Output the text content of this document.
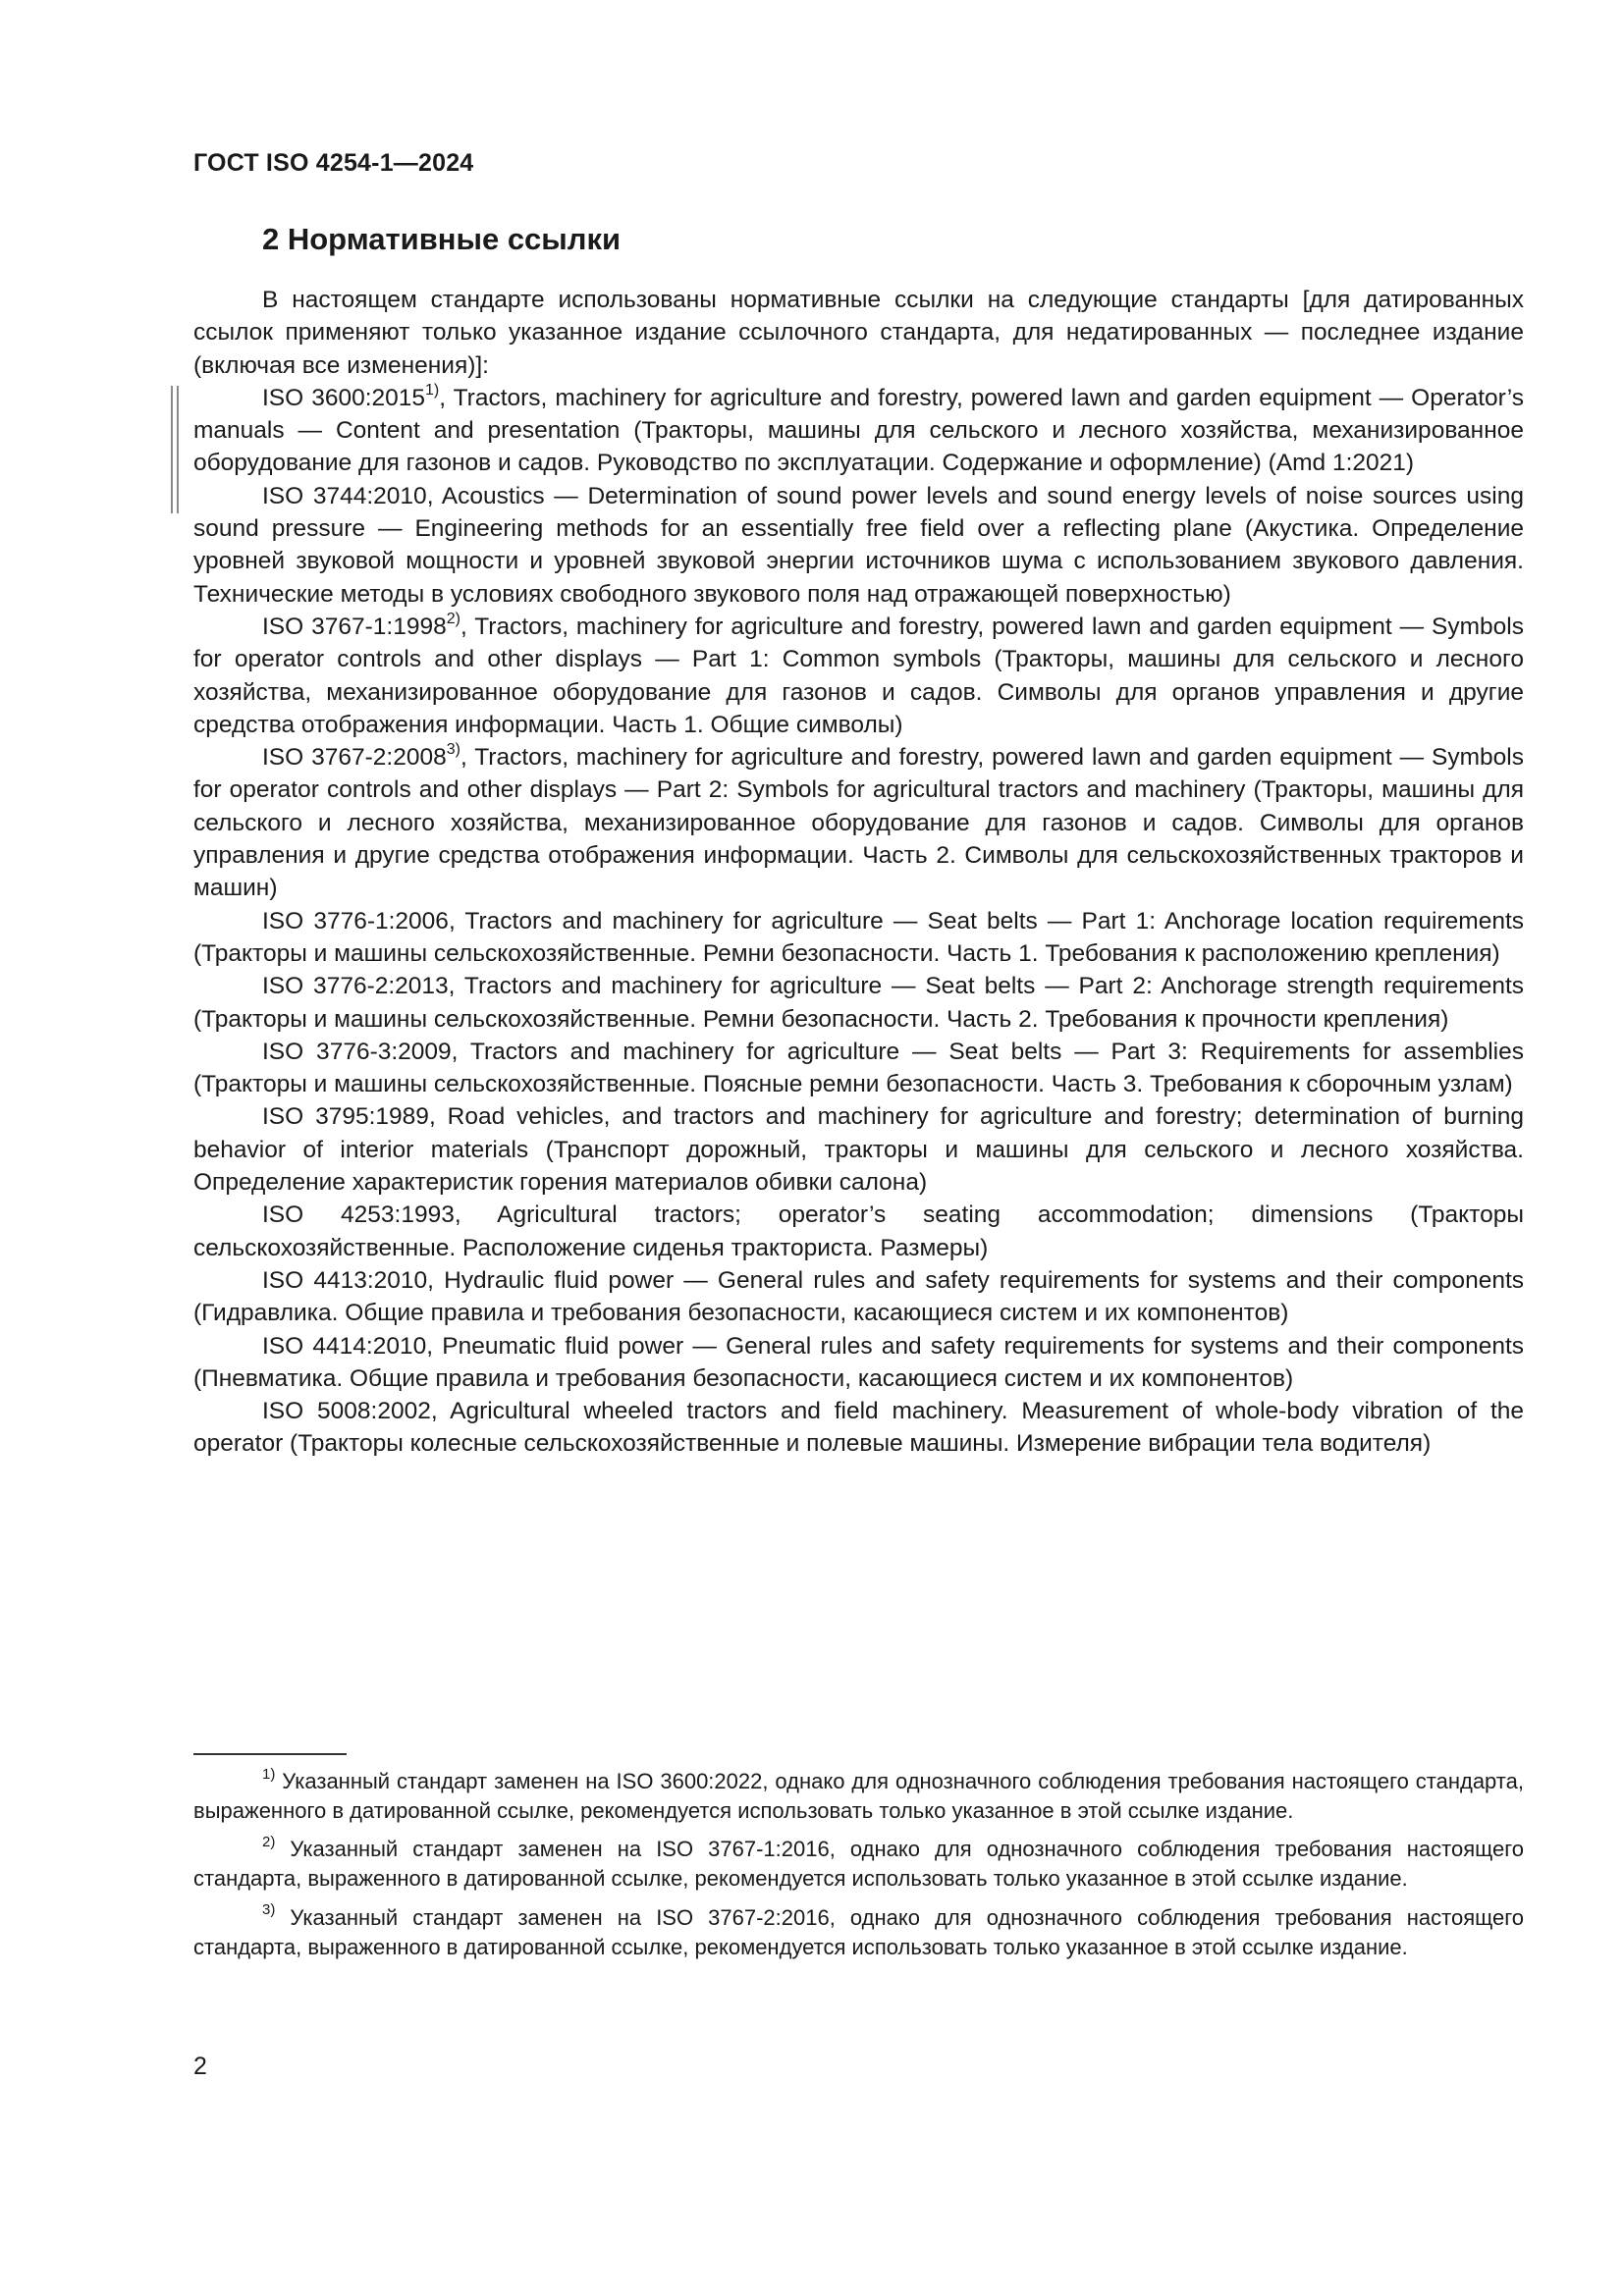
ГОСТ ISO 4254-1—2024
2 Нормативные ссылки

В настоящем стандарте использованы нормативные ссылки на следующие стандарты [для датированных ссылок применяют только указанное издание ссылочного стандарта, для недатированных — последнее издание (включая все изменения)]:

ISO 3600:2015$^{1)}$, Tractors, machinery for agriculture and forestry, powered lawn and garden equipment — Operator’s manuals — Content and presentation (Тракторы, машины для сельского и лесного хозяйства, механизированное оборудование для газонов и садов. Руководство по эксплуатации. Содержание и оформление) (Amd 1:2021)

ISO 3744:2010, Acoustics — Determination of sound power levels and sound energy levels of noise sources using sound pressure — Engineering methods for an essentially free field over a reflecting plane (Акустика. Определение уровней звуковой мощности и уровней звуковой энергии источников шума с использованием звукового давления. Технические методы в условиях свободного звукового поля над отражающей поверхностью)

ISO 3767-1:1998$^{2)}$, Tractors, machinery for agriculture and forestry, powered lawn and garden equipment — Symbols for operator controls and other displays — Part 1: Common symbols (Тракторы, машины для сельского и лесного хозяйства, механизированное оборудование для газонов и садов. Символы для органов управления и другие средства отображения информации. Часть 1. Общие символы)

ISO 3767-2:2008$^{3)}$, Tractors, machinery for agriculture and forestry, powered lawn and garden equipment — Symbols for operator controls and other displays — Part 2: Symbols for agricultural tractors and machinery (Тракторы, машины для сельского и лесного хозяйства, механизированное оборудование для газонов и садов. Символы для органов управления и другие средства отображения информации. Часть 2. Символы для сельскохозяйственных тракторов и машин)

ISO 3776-1:2006, Tractors and machinery for agriculture — Seat belts — Part 1: Anchorage location requirements (Тракторы и машины сельскохозяйственные. Ремни безопасности. Часть 1. Требования к расположению крепления)

ISO 3776-2:2013, Tractors and machinery for agriculture — Seat belts — Part 2: Anchorage strength requirements (Тракторы и машины сельскохозяйственные. Ремни безопасности. Часть 2. Требования к прочности крепления)

ISO 3776-3:2009, Tractors and machinery for agriculture — Seat belts — Part 3: Requirements for assemblies (Тракторы и машины сельскохозяйственные. Поясные ремни безопасности. Часть 3. Требования к сборочным узлам)

ISO 3795:1989, Road vehicles, and tractors and machinery for agriculture and forestry; determination of burning behavior of interior materials (Транспорт дорожный, тракторы и машины для сельского и лесного хозяйства. Определение характеристик горения материалов обивки салона)

ISO 4253:1993, Agricultural tractors; operator’s seating accommodation; dimensions (Тракторы сельскохозяйственные. Расположение сиденья тракториста. Размеры)

ISO 4413:2010, Hydraulic fluid power — General rules and safety requirements for systems and their components (Гидравлика. Общие правила и требования безопасности, касающиеся систем и их компонентов)

ISO 4414:2010, Pneumatic fluid power — General rules and safety requirements for systems and their components (Пневматика. Общие правила и требования безопасности, касающиеся систем и их компонентов)

ISO 5008:2002, Agricultural wheeled tractors and field machinery. Measurement of whole-body vibration of the operator (Тракторы колесные сельскохозяйственные и полевые машины. Измерение вибрации тела водителя)

$^{1)}$ Указанный стандарт заменен на ISO 3600:2022, однако для однозначного соблюдения требования настоящего стандарта, выраженного в датированной ссылке, рекомендуется использовать только указанное в этой ссылке издание.

$^{2)}$ Указанный стандарт заменен на ISO 3767-1:2016, однако для однозначного соблюдения требования настоящего стандарта, выраженного в датированной ссылке, рекомендуется использовать только указанное в этой ссылке издание.

$^{3)}$ Указанный стандарт заменен на ISO 3767-2:2016, однако для однозначного соблюдения требования настоящего стандарта, выраженного в датированной ссылке, рекомендуется использовать только указанное в этой ссылке издание.

2
